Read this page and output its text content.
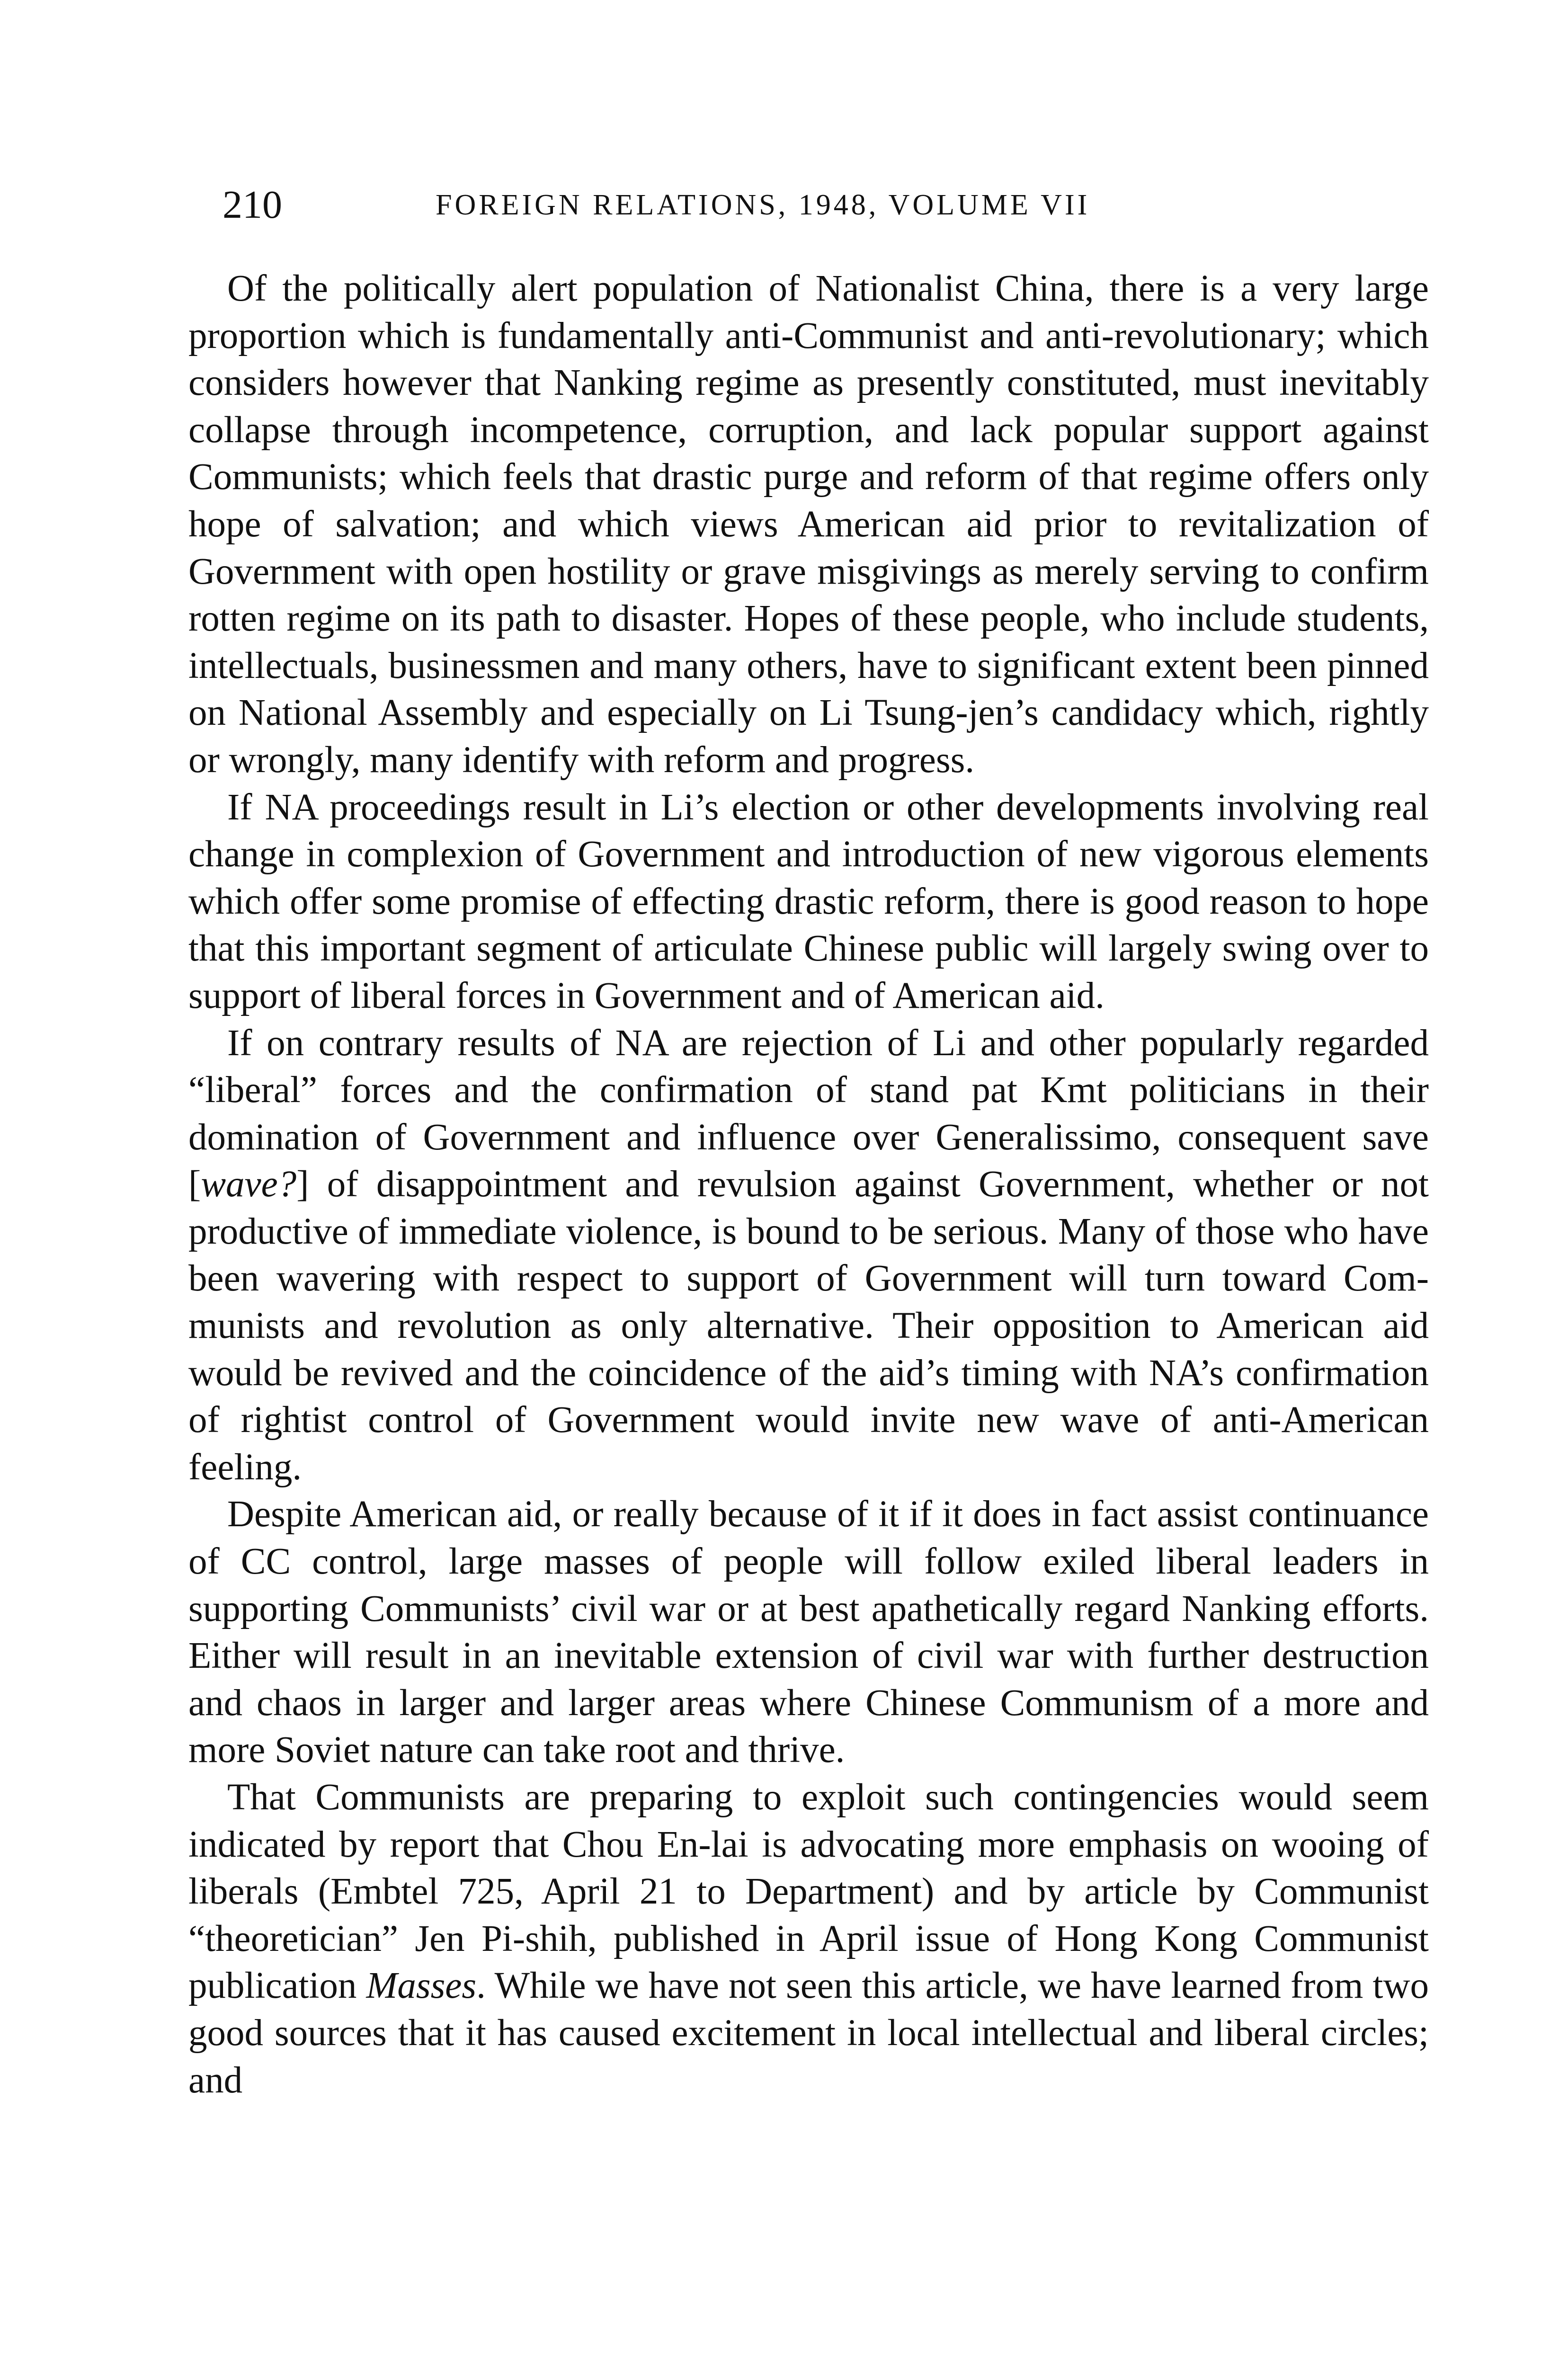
210	FOREIGN RELATIONS, 1948, VOLUME VII

Of the politically alert population of Nationalist China, there is a very large proportion which is fundamentally anti-Communist and anti-revolutionary; which considers however that Nanking regime as presently constituted, must inevitably collapse through incompetence, corruption, and lack popular support against Communists; which feels that drastic purge and reform of that regime offers only hope of salvation; and which views American aid prior to revitalization of Government with open hostility or grave misgivings as merely serving to confirm rotten regime on its path to disaster. Hopes of these people, who include students, intellectuals, businessmen and many others, have to significant extent been pinned on National Assembly and especially on Li Tsung-jen’s candidacy which, rightly or wrongly, many identify with reform and progress.

If NA proceedings result in Li’s election or other developments involving real change in complexion of Government and introduction of new vigorous elements which offer some promise of effecting drastic reform, there is good reason to hope that this important segment of articulate Chinese public will largely swing over to support of liberal forces in Government and of American aid.

If on contrary results of NA are rejection of Li and other popularly regarded “liberal” forces and the confirmation of stand pat Kmt politicians in their domination of Government and influence over Generalissimo, consequent save [wave?] of disappointment and revulsion against Government, whether or not productive of immediate violence, is bound to be serious. Many of those who have been wavering with respect to support of Government will turn toward Communists and revolution as only alternative. Their opposition to American aid would be revived and the coincidence of the aid’s timing with NA’s confirmation of rightist control of Government would invite new wave of anti-American feeling.

Despite American aid, or really because of it if it does in fact assist continuance of CC control, large masses of people will follow exiled liberal leaders in supporting Communists’ civil war or at best apathetically regard Nanking efforts. Either will result in an inevitable extension of civil war with further destruction and chaos in larger and larger areas where Chinese Communism of a more and more Soviet nature can take root and thrive.

That Communists are preparing to exploit such contingencies would seem indicated by report that Chou En-lai is advocating more emphasis on wooing of liberals (Embtel 725, April 21 to Department) and by article by Communist “theoretician” Jen Pi-shih, published in April issue of Hong Kong Communist publication Masses. While we have not seen this article, we have learned from two good sources that it has caused excitement in local intellectual and liberal circles; and
